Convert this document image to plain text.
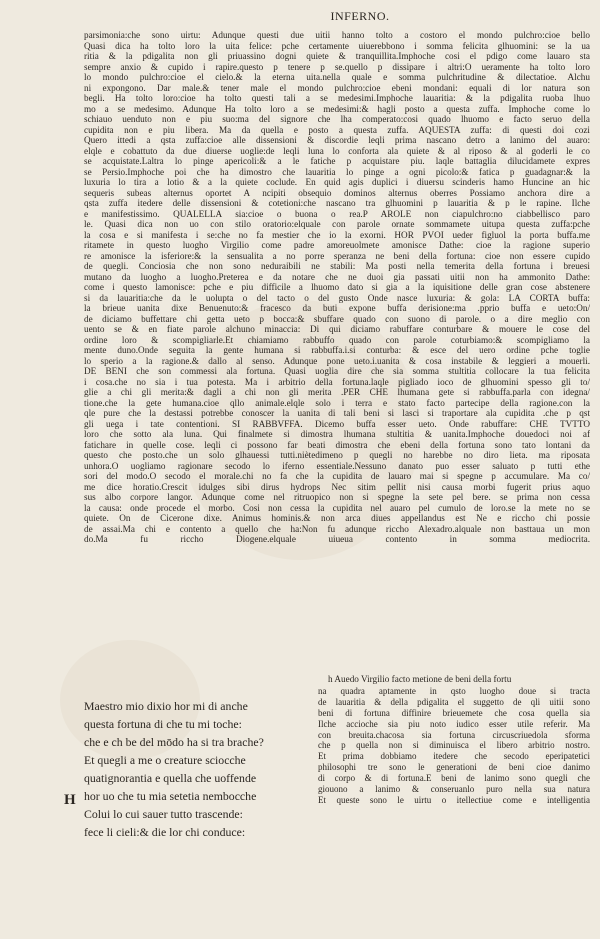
INFERNO.
parsimonia:che sono uirtu: Adunque questi due uitii hanno tolto a costoro el mondo pulchro:cioe bello
Quasi dica ha tolto loro la uita felice: pche certamente uiuerebbono i somma felicita glhuomini: se la ua
ritia & la pdigalita non gli priuassino dogni quiete & tranquillita.Imphoche cosi el pdigo come lauaro sta
sempre anxio & cupido i rapire.questo p tenere p se.quello p dissipare i altri:O ueramente ha tolto loro
lo mondo pulchro:cioe el cielo.& la eterna uita.nella quale e somma pulchritudine & dilectatioe. Alchu
ni expongono. Dar male.& tener male el mondo pulchro:cioe ebeni mondani: equali di lor natura son
begli. Ha tolto loro:cioe ha tolto questi tali a se medesimi.Imphoche lauaritia: & la pdigalita ruoba lhuo
mo a se medesimo. Adunque Ha tolto loro a se medesimi:& hagli posto a questa zuffa. Imphoche come lo
schiauo uenduto non e piu suo:ma del signore che lha comperato:cosi quado lhuomo e facto seruo della
cupidita non e piu libera. Ma da quella e posto a questa zuffa. AQUESTA zuffa: di questi doi cozi
Quero ittedi a qsta zuffa:cioe alle dissensioni & discordie leqli prima nascano detro a lanimo del auaro:
elqle e cobattuto da due diuerse uoglie:de leqli luna lo conforta ala quiete & al riposo & al goderli le co
se acquistate.Laltra lo pinge apericoli:& a le fatiche p acquistare piu. laqle battaglia dilucidamete expres
se Persio.Imphoche poi che ha dimostro che lauaritia lo pinge a ogni picolo:& fatica p guadagnar:& la
luxuria lo tira a lotio & a la quiete coclude. En quid agis duplici i diuersu scinderis hamo Huncine an hic
sequeris subeas alternus oportet A ncipiti obsequio dominos alternus oberres Possiamo anchora dire a
qsta zuffa itedere delle dissensioni & cotetioni:che nascano tra glhuomini p lauaritia & p le rapine. Ilche
e manifestissimo. QUALELLA sia:cioe o buona o rea.P AROLE non ciapulchro:no ciabbellisco paro
le. Quasi dica non uo con stilo oratorio:elquale con parole ornate sommamete uitupa questa zuffa:pche
la cosa e si manifesta i se:che no fa mestier che io la exorni. HOR PVOI ueder figluol la porta buffa.me
ritamete in questo luogho Virgilio come padre amoreuolmete amonisce Dathe: cioe la ragione superio
re amonisce la isferiore:& la sensualita a no porre speranza ne beni della fortuna: cioe non essere cupido
de quegli. Conciosia che non sono neduraibili ne stabili: Ma posti nella temerita della fortuna i breuesi
mutano da luogho a luogho.Preterea e da notare che ne duoi gia passati uitii non ha ammonito Dathe:
come i questo lamonisce: pche e piu difficile a lhuomo dato si gia a la iquisitione delle gran cose abstenere
si da lauaritia:che da le uolupta o del tacto o del gusto Onde nasce luxuria: & gola: LA CORTA buffa:
la brieue uanita dixe Benuenuto:& fracesco da buti expone buffa derisione:ma .pprio buffa e ueto:On/
de diciamo buffettare chi getta ueto p bocca:& sbuffare quado con suono di parole. o a dire meglio con
uento se & en fiate parole alchuno minaccia: Di qui diciamo rabuffare conturbare & mouere le cose del
ordine loro & scompigliarle.Et chiamiamo rabbuffo quado con parole coturbiamo:& scompigliamo la
mente duno.Onde seguita la gente humana si rabbuffa.i.si conturba: & esce del uero ordine pche toglie
lo sperio a la ragione.& dallo al senso. Adunque pone ueto.i.uanita & cosa instabile & leggieri a mouerli.
DE BENI che son commessi ala fortuna. Quasi uoglia dire che sia somma stultitia collocare la tua felicita
i cosa.che no sia i tua potesta. Ma i arbitrio della fortuna.laqle pigliado ioco de glhuomini spesso gli to/
glie a chi gli merita:& dagli a chi non gli merita .PER CHE lhumana gete si rabbuffa.parla con idegna/
tione.che la gete humana.cioe qllo animale.elqle solo i terra e stato facto partecipe della ragione.con la
qle pure che la destassi potrebbe conoscer la uanita di tali beni si lasci si traportare ala cupidita .che p qst
gli uega i tate contentioni. SI RABBVFFA. Dicemo buffa esser ueto. Onde rabuffare: CHE TVTTO
loro che sotto ala luna. Qui finalmete si dimostra lhumana stultitia & uanita.Imphoche douedoci noi af
fatichare in quelle cose. leqli ci possono far beati dimostra che ebeni della fortuna sono tato lontani da
questo che posto.che un solo glhauessi tutti.niètedimeno p quegli no harebbe no diro lieta. ma riposata
unhora.O uogliamo ragionare secodo lo iferno essentiale.Nessuno danato puo esser saluato p tutti ethe
sori del modo.O secodo el morale.chi no fa che la cupidita de lauaro mai si spegne p accumulare. Ma co/
me dice horatio.Crescit idulges sibi dirus hydrops Nec sitim pellit nisi causa morbi fugerit prius aquo
sus albo corpore langor. Adunque come nel ritruopico non si spegne la sete pel bere. se prima non cessa
la causa: onde procede el morbo. Cosi non cessa la cupidita nel auaro pel cumulo de loro.se la mete no se
quiete. On de Cicerone dixe. Animus hominis.& non arca diues appellandus est Ne e riccho chi possie
de assai.Ma chi e contento a quello che ha:Non fu adunque riccho Alexadro.alquale non basttaua un mon
do.Ma fu riccho Diogene.elquale uiueua contento in somma mediocrita.
h Auedo Virgilio facto metione de beni della fortu
na quadra aptamente in qsto luogho doue si tracta
de lauaritia & della pdigalita el suggetto de qli uitii sono
beni di fortuna diffinire brieuemete che cosa quella sia
Ilche accioche sia piu noto iudico esser utile referir. Ma
con breuita.chacosa sia fortuna circuscriuedola sforma
che p quella non si diminuisca el libero arbitrio nostro.
Et prima dobbiamo itedere che secodo eperipatetici
philosophi tre sono le generationi de beni cioe danimo
di corpo & di fortuna.E beni de lanimo sono quegli che
giouono a lanimo & conseruanlo puro nella sua natura
Et queste sono le uirtu o itellectiue come e intelligentia
Maestro mio dixio hor mi di anche
questa fortuna di che tu mi toche:
che e ch be del mōdo ha si tra brache?
Et quegli a me o creature sciocche
quatignorantia e quella che uoffende
hor uo che tu mia setetia nembocche
Colui lo cui sauer tutto trascende:
fece li cieli:& die lor chi conduce:
H
